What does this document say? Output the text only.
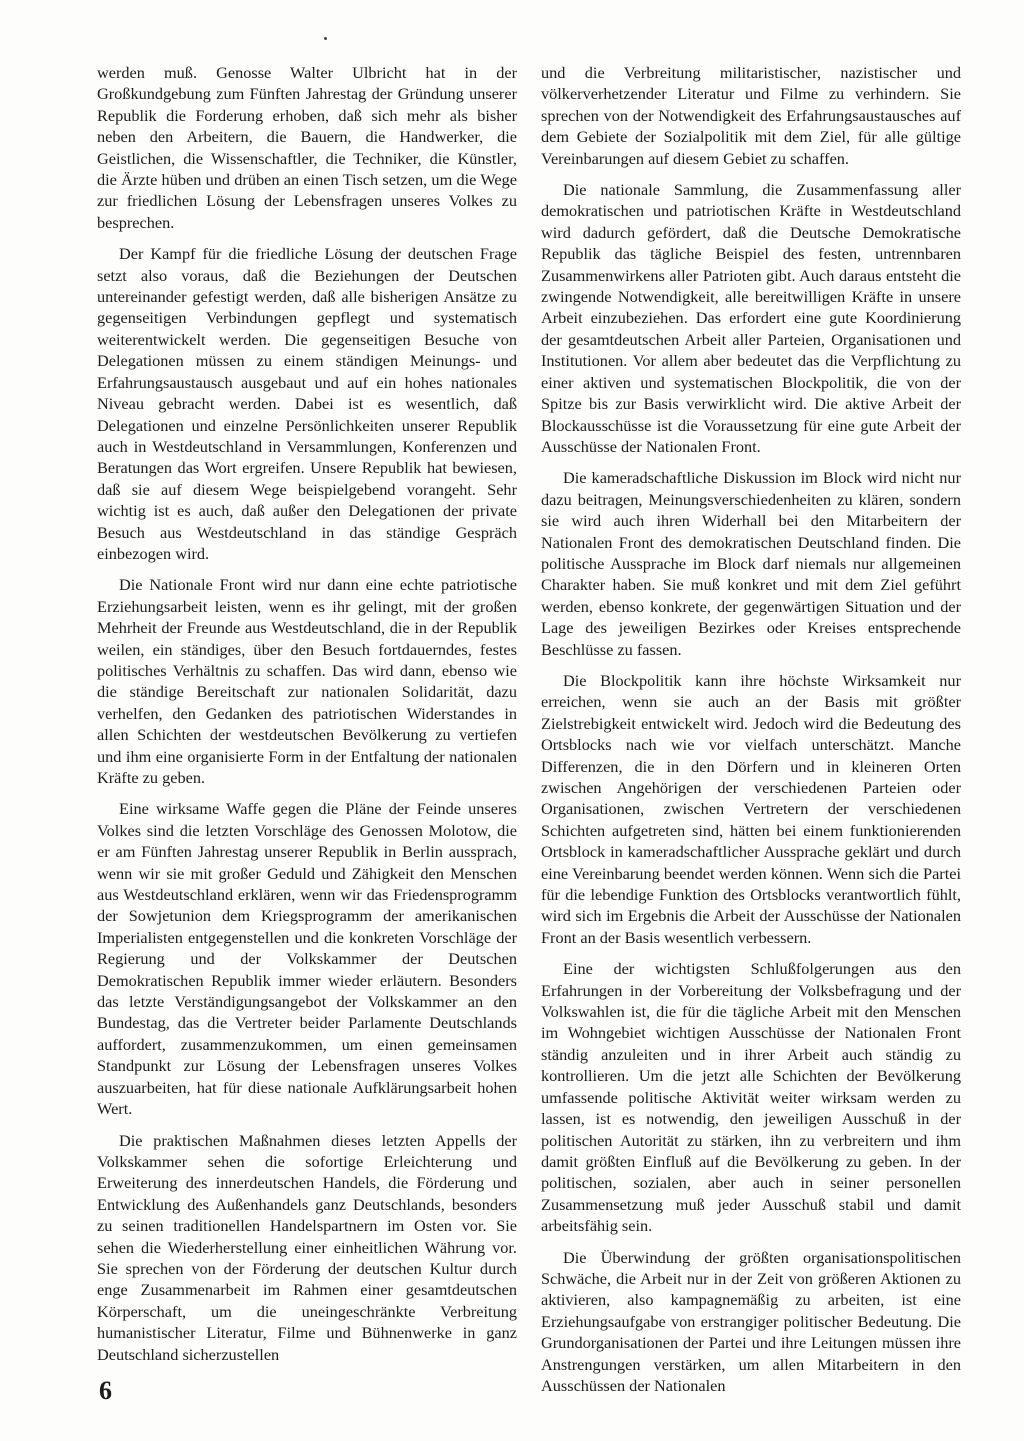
werden muß. Genosse Walter Ulbricht hat in der Großkundgebung zum Fünften Jahrestag der Gründung unserer Republik die Forderung erhoben, daß sich mehr als bisher neben den Arbeitern, die Bauern, die Handwerker, die Geistlichen, die Wissenschaftler, die Techniker, die Künstler, die Ärzte hüben und drüben an einen Tisch setzen, um die Wege zur friedlichen Lösung der Lebensfragen unseres Volkes zu besprechen.

Der Kampf für die friedliche Lösung der deutschen Frage setzt also voraus, daß die Beziehungen der Deutschen untereinander gefestigt werden, daß alle bisherigen Ansätze zu gegenseitigen Verbindungen gepflegt und systematisch weiterentwickelt werden. Die gegenseitigen Besuche von Delegationen müssen zu einem ständigen Meinungs- und Erfahrungsaustausch ausgebaut und auf ein hohes nationales Niveau gebracht werden. Dabei ist es wesentlich, daß Delegationen und einzelne Persönlichkeiten unserer Republik auch in Westdeutschland in Versammlungen, Konferenzen und Beratungen das Wort ergreifen. Unsere Republik hat bewiesen, daß sie auf diesem Wege beispielgebend vorangeht. Sehr wichtig ist es auch, daß außer den Delegationen der private Besuch aus Westdeutschland in das ständige Gespräch einbezogen wird.

Die Nationale Front wird nur dann eine echte patriotische Erziehungsarbeit leisten, wenn es ihr gelingt, mit der großen Mehrheit der Freunde aus Westdeutschland, die in der Republik weilen, ein ständiges, über den Besuch fortdauerndes, festes politisches Verhältnis zu schaffen. Das wird dann, ebenso wie die ständige Bereitschaft zur nationalen Solidarität, dazu verhelfen, den Gedanken des patriotischen Widerstandes in allen Schichten der westdeutschen Bevölkerung zu vertiefen und ihm eine organisierte Form in der Entfaltung der nationalen Kräfte zu geben.

Eine wirksame Waffe gegen die Pläne der Feinde unseres Volkes sind die letzten Vorschläge des Genossen Molotow, die er am Fünften Jahrestag unserer Republik in Berlin aussprach, wenn wir sie mit großer Geduld und Zähigkeit den Menschen aus Westdeutschland erklären, wenn wir das Friedensprogramm der Sowjetunion dem Kriegsprogramm der amerikanischen Imperialisten entgegenstellen und die konkreten Vorschläge der Regierung und der Volkskammer der Deutschen Demokratischen Republik immer wieder erläutern. Besonders das letzte Verständigungsangebot der Volkskammer an den Bundestag, das die Vertreter beider Parlamente Deutschlands auffordert, zusammenzukommen, um einen gemeinsamen Standpunkt zur Lösung der Lebensfragen unseres Volkes auszuarbeiten, hat für diese nationale Aufklärungsarbeit hohen Wert.

Die praktischen Maßnahmen dieses letzten Appells der Volkskammer sehen die sofortige Erleichterung und Erweiterung des innerdeutschen Handels, die Förderung und Entwicklung des Außenhandels ganz Deutschlands, besonders zu seinen traditionellen Handelspartnern im Osten vor. Sie sehen die Wiederherstellung einer einheitlichen Währung vor. Sie sprechen von der Förderung der deutschen Kultur durch enge Zusammenarbeit im Rahmen einer gesamtdeutschen Körperschaft, um die uneingeschränkte Verbreitung humanistischer Literatur, Filme und Bühnenwerke in ganz Deutschland sicherzustellen

und die Verbreitung militaristischer, nazistischer und völkerverhetzender Literatur und Filme zu verhindern. Sie sprechen von der Notwendigkeit des Erfahrungsaustausches auf dem Gebiete der Sozialpolitik mit dem Ziel, für alle gültige Vereinbarungen auf diesem Gebiet zu schaffen.

Die nationale Sammlung, die Zusammenfassung aller demokratischen und patriotischen Kräfte in Westdeutschland wird dadurch gefördert, daß die Deutsche Demokratische Republik das tägliche Beispiel des festen, untrennbaren Zusammenwirkens aller Patrioten gibt. Auch daraus entsteht die zwingende Notwendigkeit, alle bereitwilligen Kräfte in unsere Arbeit einzubeziehen. Das erfordert eine gute Koordinierung der gesamtdeutschen Arbeit aller Parteien, Organisationen und Institutionen. Vor allem aber bedeutet das die Verpflichtung zu einer aktiven und systematischen Blockpolitik, die von der Spitze bis zur Basis verwirklicht wird. Die aktive Arbeit der Blockausschüsse ist die Voraussetzung für eine gute Arbeit der Ausschüsse der Nationalen Front.

Die kameradschaftliche Diskussion im Block wird nicht nur dazu beitragen, Meinungsverschiedenheiten zu klären, sondern sie wird auch ihren Widerhall bei den Mitarbeitern der Nationalen Front des demokratischen Deutschland finden. Die politische Aussprache im Block darf niemals nur allgemeinen Charakter haben. Sie muß konkret und mit dem Ziel geführt werden, ebenso konkrete, der gegenwärtigen Situation und der Lage des jeweiligen Bezirkes oder Kreises entsprechende Beschlüsse zu fassen.

Die Blockpolitik kann ihre höchste Wirksamkeit nur erreichen, wenn sie auch an der Basis mit größter Zielstrebigkeit entwickelt wird. Jedoch wird die Bedeutung des Ortsblocks nach wie vor vielfach unterschätzt. Manche Differenzen, die in den Dörfern und in kleineren Orten zwischen Angehörigen der verschiedenen Parteien oder Organisationen, zwischen Vertretern der verschiedenen Schichten aufgetreten sind, hätten bei einem funktionierenden Ortsblock in kameradschaftlicher Aussprache geklärt und durch eine Vereinbarung beendet werden können. Wenn sich die Partei für die lebendige Funktion des Ortsblocks verantwortlich fühlt, wird sich im Ergebnis die Arbeit der Ausschüsse der Nationalen Front an der Basis wesentlich verbessern.

Eine der wichtigsten Schlußfolgerungen aus den Erfahrungen in der Vorbereitung der Volksbefragung und der Volkswahlen ist, die für die tägliche Arbeit mit den Menschen im Wohngebiet wichtigen Ausschüsse der Nationalen Front ständig anzuleiten und in ihrer Arbeit auch ständig zu kontrollieren. Um die jetzt alle Schichten der Bevölkerung umfassende politische Aktivität weiter wirksam werden zu lassen, ist es notwendig, den jeweiligen Ausschuß in der politischen Autorität zu stärken, ihn zu verbreitern und ihm damit größten Einfluß auf die Bevölkerung zu geben. In der politischen, sozialen, aber auch in seiner personellen Zusammensetzung muß jeder Ausschuß stabil und damit arbeitsfähig sein.

Die Überwindung der größten organisationspolitischen Schwäche, die Arbeit nur in der Zeit von größeren Aktionen zu aktivieren, also kampagnemäßig zu arbeiten, ist eine Erziehungsaufgabe von erstrangiger politischer Bedeutung. Die Grundorganisationen der Partei und ihre Leitungen müssen ihre Anstrengungen verstärken, um allen Mitarbeitern in den Ausschüssen der Nationalen

6
